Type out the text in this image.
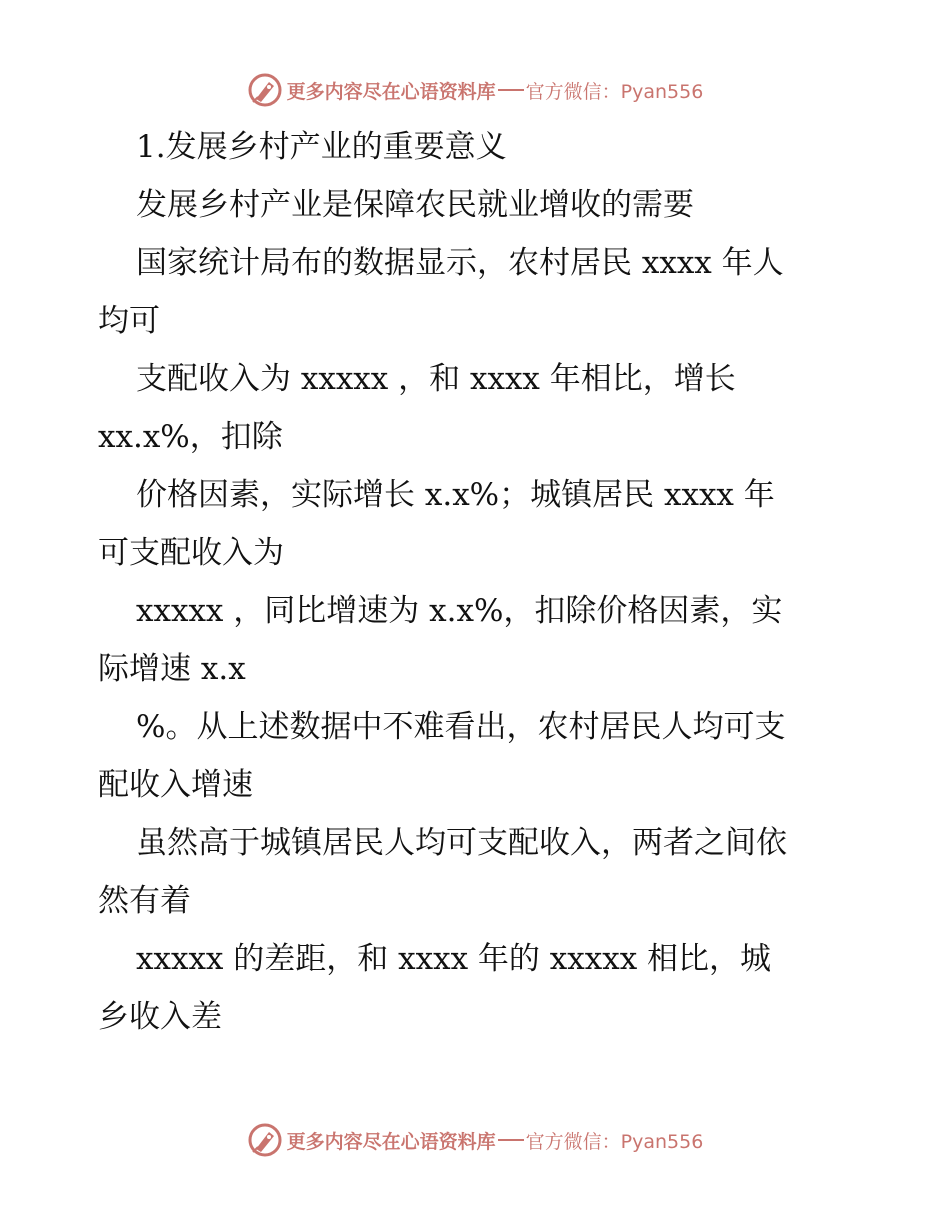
更多内容尽在心语资料库 官方微信：Pyan556

1.发展乡村产业的重要意义

发展乡村产业是保障农民就业增收的需要

国家统计局布的数据显示，农村居民 xxxx 年人

均可

支配收入为 xxxxx ，和 xxxx 年相比，增长

xx.x%，扣除

价格因素，实际增长 x.x%；城镇居民 xxxx 年

可支配收入为

xxxxx ，同比增速为 x.x%，扣除价格因素，实

际增速 x.x

%。从上述数据中不难看出，农村居民人均可支

配收入增速

虽然高于城镇居民人均可支配收入，两者之间依

然有着

xxxxx 的差距，和 xxxx 年的 xxxxx 相比，城

乡收入差

更多内容尽在心语资料库 官方微信：Pyan556
